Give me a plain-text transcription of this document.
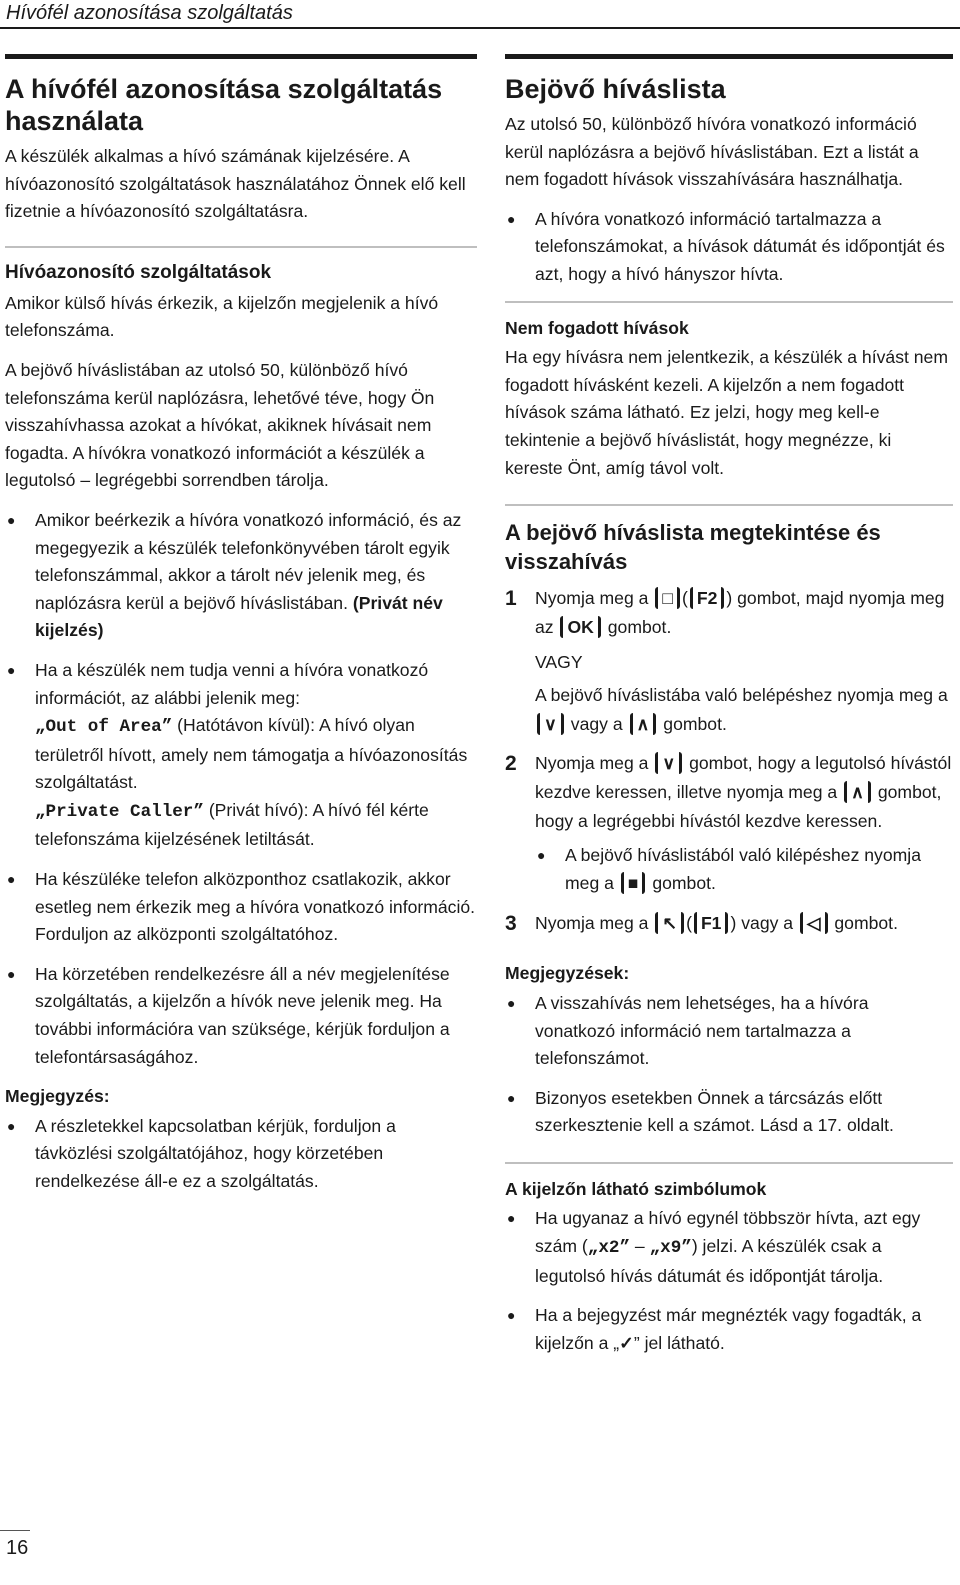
Hívófél azonosítása szolgáltatás
A hívófél azonosítása szolgáltatás használata

A készülék alkalmas a hívó számának kijelzésére. A hívóazonosító szolgáltatások használatához Önnek elő kell fizetnie a hívóazonosító szolgáltatásra.

Hívóazonosító szolgáltatások

Amikor külső hívás érkezik, a kijelzőn megjelenik a hívó telefonszáma.

A bejövő híváslistában az utolsó 50, különböző hívó telefonszáma kerül naplózásra, lehetővé téve, hogy Ön visszahívhassa azokat a hívókat, akiknek hívásait nem fogadta. A hívókra vonatkozó információt a készülék a legutolsó – legrégebbi sorrendben tárolja.

● Amikor beérkezik a hívóra vonatkozó információ, és az megegyezik a készülék telefonkönyvében tárolt egyik telefonszámmal, akkor a tárolt név jelenik meg, és naplózásra kerül a bejövő híváslistában. (Privát név kijelzés)
● Ha a készülék nem tudja venni a hívóra vonatkozó információt, az alábbi jelenik meg:
„Out of Area” (Hatótávon kívül): A hívó olyan területről hívott, amely nem támogatja a hívóazonosítás szolgáltatást.
„Private Caller” (Privát hívó): A hívó fél kérte telefonszáma kijelzésének letiltását.
● Ha készüléke telefon alközponthoz csatlakozik, akkor esetleg nem érkezik meg a hívóra vonatkozó információ. Forduljon az alközponti szolgáltatóhoz.
● Ha körzetében rendelkezésre áll a név megjelenítése szolgáltatás, a kijelzőn a hívók neve jelenik meg. Ha további információra van szüksége, kérjük forduljon a telefontársaságához.
Megjegyzés:
● A részletekkel kapcsolatban kérjük, forduljon a távközlési szolgáltatójához, hogy körzetében rendelkezése áll-e ez a szolgáltatás.
Bejövő híváslista

Az utolsó 50, különböző hívóra vonatkozó információ kerül naplózásra a bejövő híváslistában. Ezt a listát a nem fogadott hívások visszahívására használhatja.

● A hívóra vonatkozó információ tartalmazza a telefonszámokat, a hívások dátumát és időpontját és azt, hogy a hívó hányszor hívta.
Nem fogadott hívások

Ha egy hívásra nem jelentkezik, a készülék a hívást nem fogadott hívásként kezeli. A kijelzőn a nem fogadott hívások száma látható. Ez jelzi, hogy meg kell-e tekintenie a bejövő híváslistát, hogy megnézze, ki kereste Önt, amíg távol volt.

A bejövő híváslista megtekintése és visszahívás
1 Nyomja meg a □ ( F2 ) gombot, majd nyomja meg az OK gombot.
VAGY
A bejövő híváslistába való belépéshez nyomja meg a ∨ vagy a ∧ gombot.
2 Nyomja meg a ∨ gombot, hogy a legutolsó hívástól kezdve keressen, illetve nyomja meg a ∧ gombot, hogy a legrégebbi hívástól kezdve keressen.
● A bejövő híváslistából való kilépéshez nyomja meg a ■ gombot.
3 Nyomja meg a ↖ ( F1 ) vagy a ◁ gombot.
Megjegyzések:
● A visszahívás nem lehetséges, ha a hívóra vonatkozó információ nem tartalmazza a telefonszámot.
● Bizonyos esetekben Önnek a tárcsázás előtt szerkesztenie kell a számot. Lásd a 17. oldalt.
A kijelzőn látható szimbólumok
● Ha ugyanaz a hívó egynél többször hívta, azt egy szám („x2” – „x9”) jelzi. A készülék csak a legutolsó hívás dátumát és időpontját tárolja.
● Ha a bejegyzést már megnézték vagy fogadták, a kijelzőn a „✓” jel látható.
16
